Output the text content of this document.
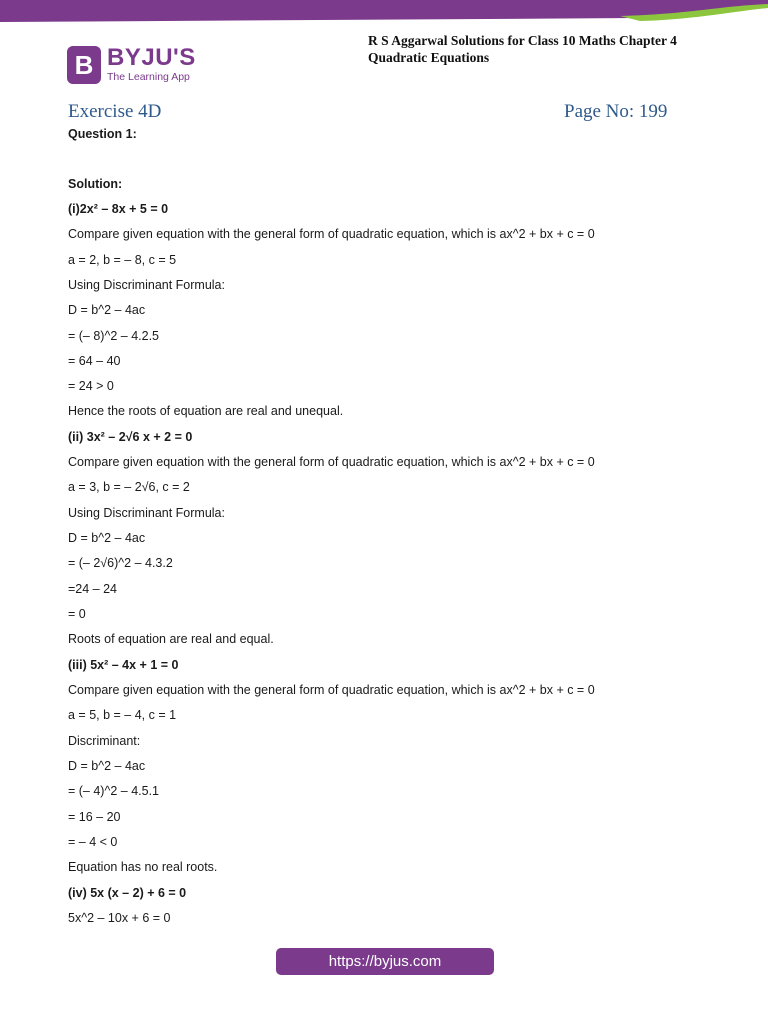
R S Aggarwal Solutions for Class 10 Maths Chapter 4
Quadratic Equations
B BYJU'S
The Learning App
Exercise 4D	Page No: 199
Question 1:
Solution:
(i)2x² – 8x + 5 = 0
Compare given equation with the general form of quadratic equation, which is ax^2 + bx + c = 0
a = 2, b = – 8, c = 5
Using Discriminant Formula:
D = b^2 – 4ac
= (– 8)^2 – 4.2.5
= 64 – 40
= 24 > 0
Hence the roots of equation are real and unequal.
(ii) 3x² – 2√6 x + 2 = 0
Compare given equation with the general form of quadratic equation, which is ax^2 + bx + c = 0
a = 3, b = – 2√6, c = 2
Using Discriminant Formula:
D = b^2 – 4ac
= (– 2√6)^2 – 4.3.2
=24 – 24
= 0
Roots of equation are real and equal.
(iii) 5x² – 4x + 1 = 0
Compare given equation with the general form of quadratic equation, which is ax^2 + bx + c = 0
a = 5, b = – 4, c = 1
Discriminant:
D = b^2 – 4ac
= (– 4)^2 – 4.5.1
= 16 – 20
= – 4 < 0
Equation has no real roots.
(iv) 5x (x – 2) + 6 = 0
5x^2 – 10x + 6 = 0
https://byjus.com
